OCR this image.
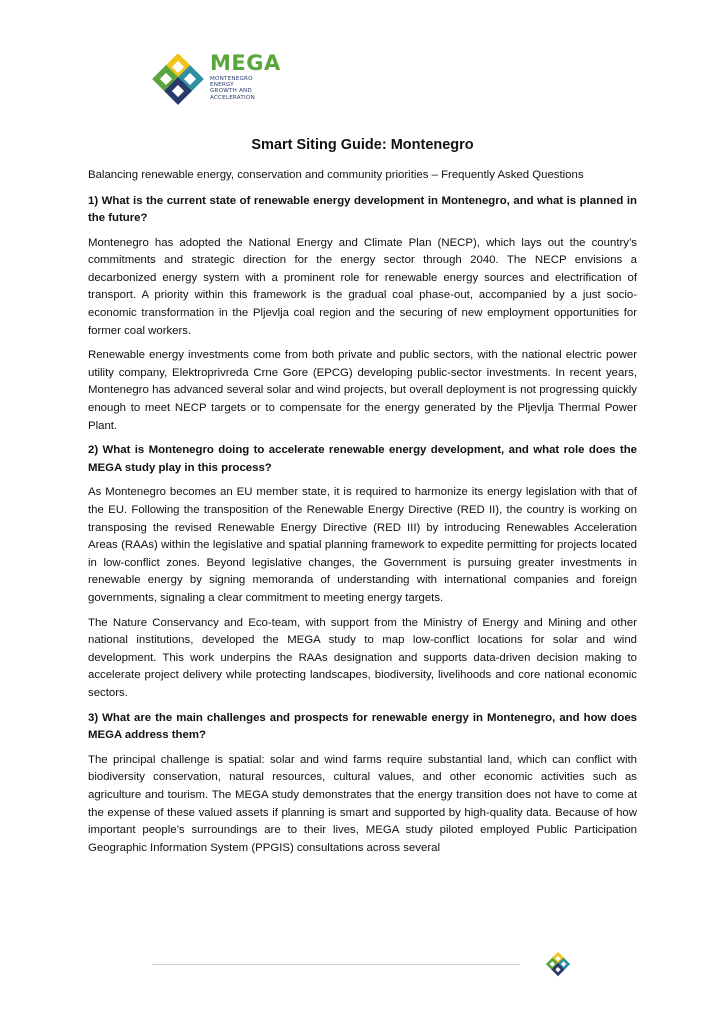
MEGA
MONTENEGRO
ENERGY
GROWTH AND
ACCELERATION
Smart Siting Guide: Montenegro
Balancing renewable energy, conservation and community priorities – Frequently Asked Questions
1) What is the current state of renewable energy development in Montenegro, and what is planned in the future?
Montenegro has adopted the National Energy and Climate Plan (NECP), which lays out the country’s commitments and strategic direction for the energy sector through 2040. The NECP envisions a decarbonized energy system with a prominent role for renewable energy sources and electrification of transport. A priority within this framework is the gradual coal phase-out, accompanied by a just socio-economic transformation in the Pljevlja coal region and the securing of new employment opportunities for former coal workers.
Renewable energy investments come from both private and public sectors, with the national electric power utility company, Elektroprivreda Crne Gore (EPCG) developing public-sector investments. In recent years, Montenegro has advanced several solar and wind projects, but overall deployment is not progressing quickly enough to meet NECP targets or to compensate for the energy generated by the Pljevlja Thermal Power Plant.
2) What is Montenegro doing to accelerate renewable energy development, and what role does the MEGA study play in this process?
As Montenegro becomes an EU member state, it is required to harmonize its energy legislation with that of the EU. Following the transposition of the Renewable Energy Directive (RED II), the country is working on transposing the revised Renewable Energy Directive (RED III) by introducing Renewables Acceleration Areas (RAAs) within the legislative and spatial planning framework to expedite permitting for projects located in low-conflict zones. Beyond legislative changes, the Government is pursuing greater investments in renewable energy by signing memoranda of understanding with international companies and foreign governments, signaling a clear commitment to meeting energy targets.
The Nature Conservancy and Eco-team, with support from the Ministry of Energy and Mining and other national institutions, developed the MEGA study to map low-conflict locations for solar and wind development. This work underpins the RAAs designation and supports data-driven decision making to accelerate project delivery while protecting landscapes, biodiversity, livelihoods and core national economic sectors.
3) What are the main challenges and prospects for renewable energy in Montenegro, and how does MEGA address them?
The principal challenge is spatial: solar and wind farms require substantial land, which can conflict with biodiversity conservation, natural resources, cultural values, and other economic activities such as agriculture and tourism. The MEGA study demonstrates that the energy transition does not have to come at the expense of these valued assets if planning is smart and supported by high-quality data. Because of how important people’s surroundings are to their lives, MEGA study piloted employed Public Participation Geographic Information System (PPGIS) consultations across several
